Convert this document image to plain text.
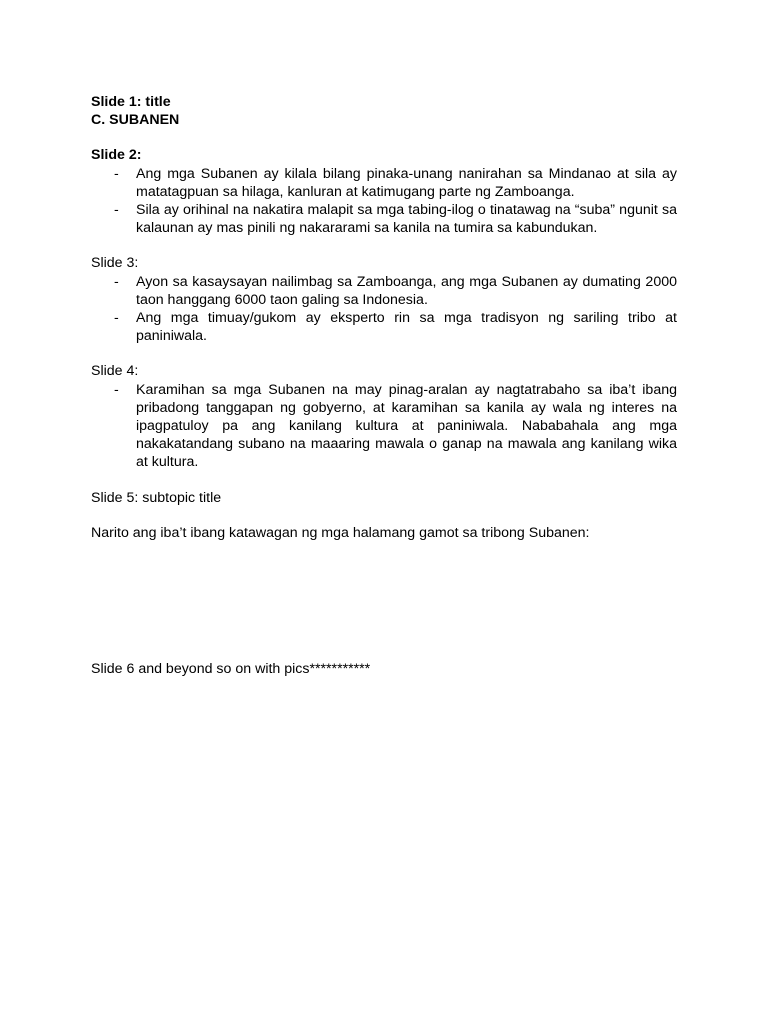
Slide 1: title

C. SUBANEN

Slide 2:

- Ang mga Subanen ay kilala bilang pinaka-unang nanirahan sa Mindanao at sila ay matatagpuan sa hilaga, kanluran at katimugang parte ng Zamboanga.
- Sila ay orihinal na nakatira malapit sa mga tabing-ilog o tinatawag na “suba” ngunit sa kalaunan ay mas pinili ng nakararami sa kanila na tumira sa kabundukan.

Slide 3:

- Ayon sa kasaysayan nailimbag sa Zamboanga, ang mga Subanen ay dumating 2000 taon hanggang 6000 taon galing sa Indonesia.
- Ang mga timuay/gukom ay eksperto rin sa mga tradisyon ng sariling tribo at paniniwala.

Slide 4:

- Karamihan sa mga Subanen na may pinag-aralan ay nagtatrabaho sa iba’t ibang pribadong tanggapan ng gobyerno, at karamihan sa kanila ay wala ng interes na ipagpatuloy pa ang kanilang kultura at paniniwala. Nababahala ang mga nakakatandang subano na maaaring mawala o ganap na mawala ang kanilang wika at kultura.

Slide 5: subtopic title

Narito ang iba’t ibang katawagan ng mga halamang gamot sa tribong Subanen:

Slide 6 and beyond so on with pics***********
